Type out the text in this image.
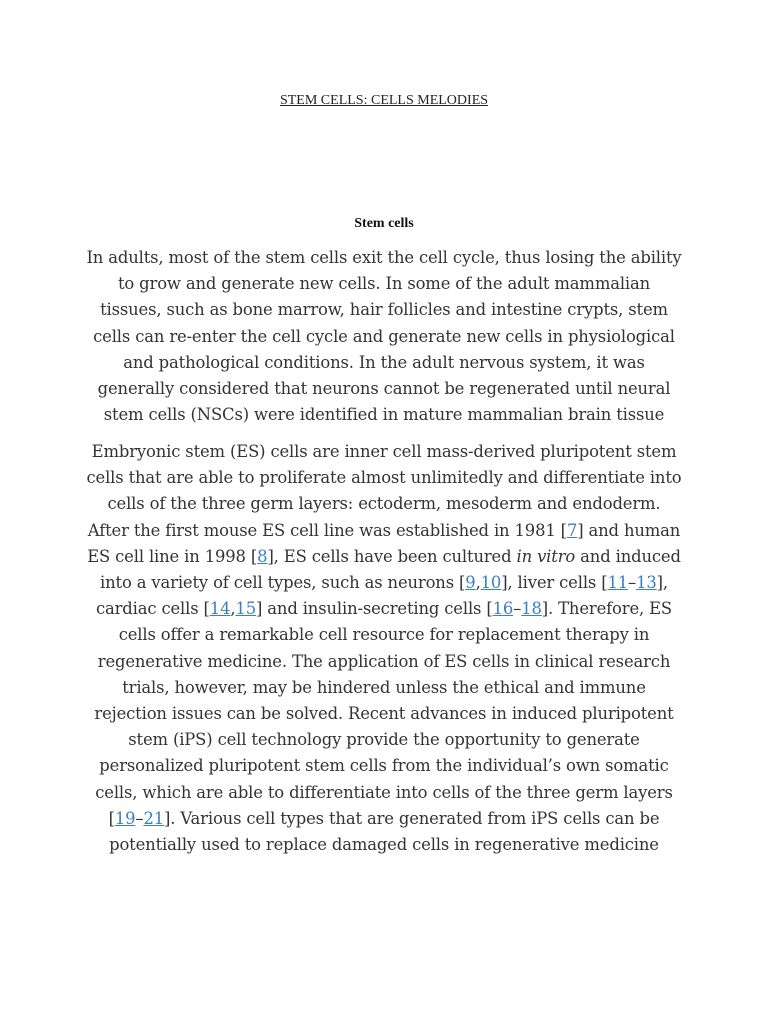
STEM CELLS: CELLS MELODIES
Stem cells

In adults, most of the stem cells exit the cell cycle, thus losing the ability to grow and generate new cells. In some of the adult mammalian tissues, such as bone marrow, hair follicles and intestine crypts, stem cells can re-enter the cell cycle and generate new cells in physiological and pathological conditions. In the adult nervous system, it was generally considered that neurons cannot be regenerated until neural stem cells (NSCs) were identified in mature mammalian brain tissue

Embryonic stem (ES) cells are inner cell mass-derived pluripotent stem cells that are able to proliferate almost unlimitedly and differentiate into cells of the three germ layers: ectoderm, mesoderm and endoderm. After the first mouse ES cell line was established in 1981 [7] and human ES cell line in 1998 [8], ES cells have been cultured in vitro and induced into a variety of cell types, such as neurons [9,10], liver cells [11–13], cardiac cells [14,15] and insulin-secreting cells [16–18]. Therefore, ES cells offer a remarkable cell resource for replacement therapy in regenerative medicine. The application of ES cells in clinical research trials, however, may be hindered unless the ethical and immune rejection issues can be solved. Recent advances in induced pluripotent stem (iPS) cell technology provide the opportunity to generate personalized pluripotent stem cells from the individual’s own somatic cells, which are able to differentiate into cells of the three germ layers [19–21]. Various cell types that are generated from iPS cells can be potentially used to replace damaged cells in regenerative medicine
